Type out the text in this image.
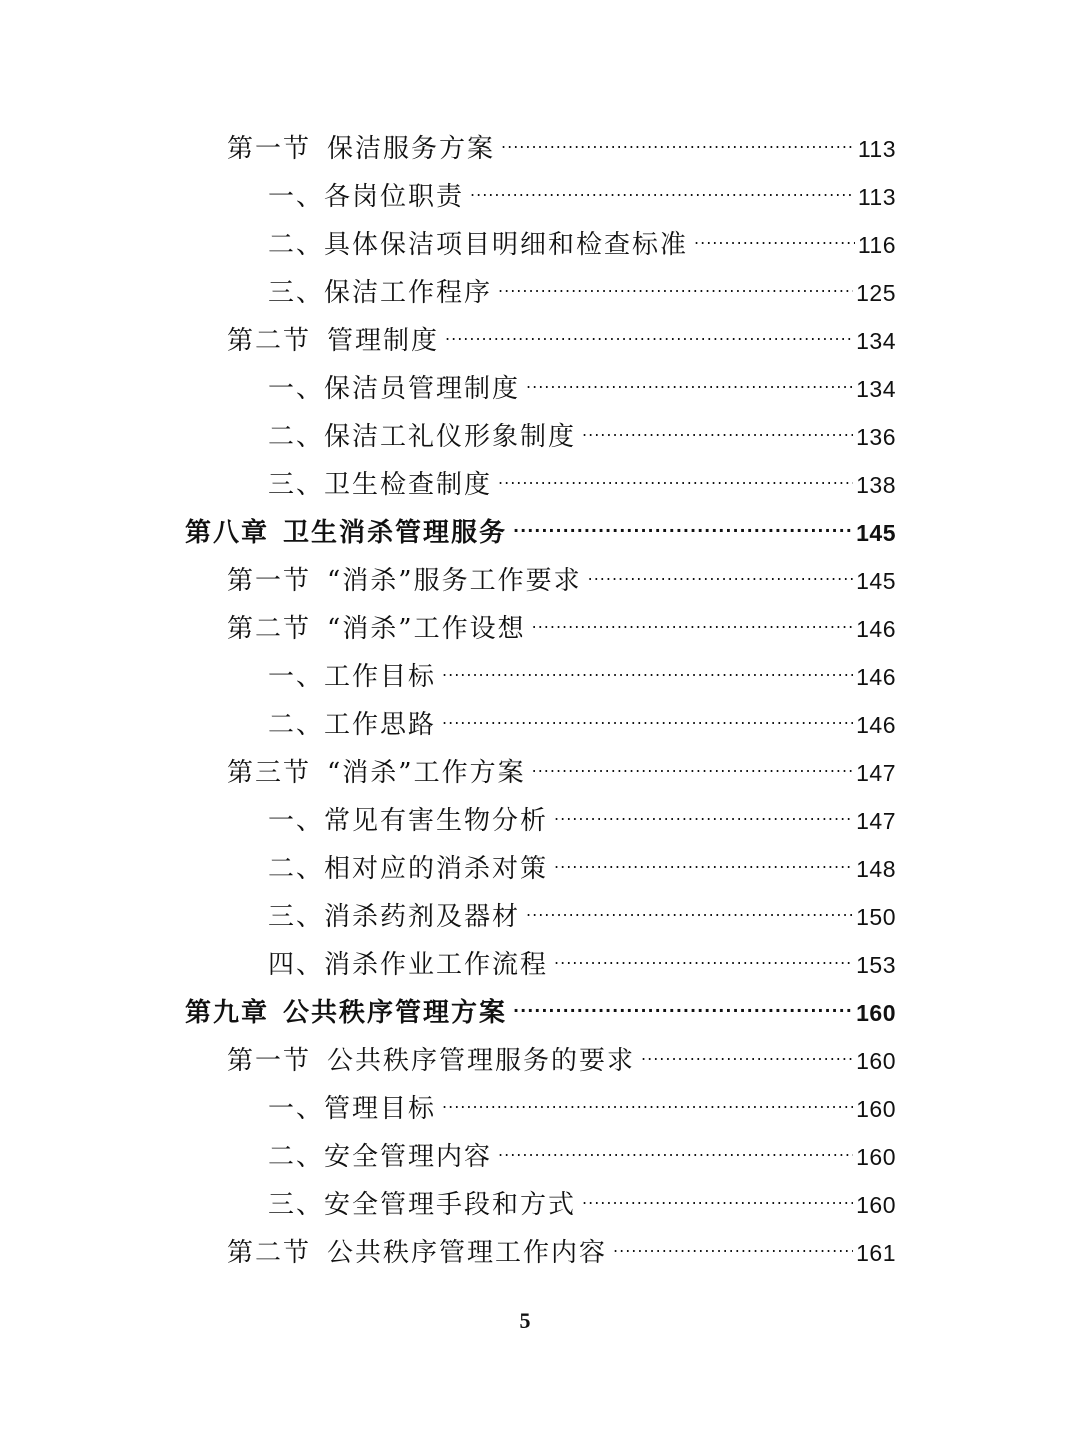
第一节 保洁服务方案 .....	113
一、 各岗位职责 .....	113
二、 具体保洁项目明细和检查标准 .....	116
三、 保洁工作程序 .....	125
第二节 管理制度 .....	134
一、 保洁员管理制度 .....	134
二、 保洁工礼仪形象制度 .....	136
三、 卫生检查制度 .....	138
第八章 卫生消杀管理服务 .....	145
第一节 “消杀”服务工作要求 .....	145
第二节 “消杀”工作设想 .....	146
一、 工作目标 .....	146
二、 工作思路 .....	146
第三节 “消杀”工作方案 .....	147
一、 常见有害生物分析 .....	147
二、 相对应的消杀对策 .....	148
三、 消杀药剂及器材 .....	150
四、 消杀作业工作流程 .....	153
第九章 公共秩序管理方案 .....	160
第一节 公共秩序管理服务的要求 .....	160
一、 管理目标 .....	160
二、 安全管理内容 .....	160
三、 安全管理手段和方式 .....	160
第二节 公共秩序管理工作内容 .....	161
5
